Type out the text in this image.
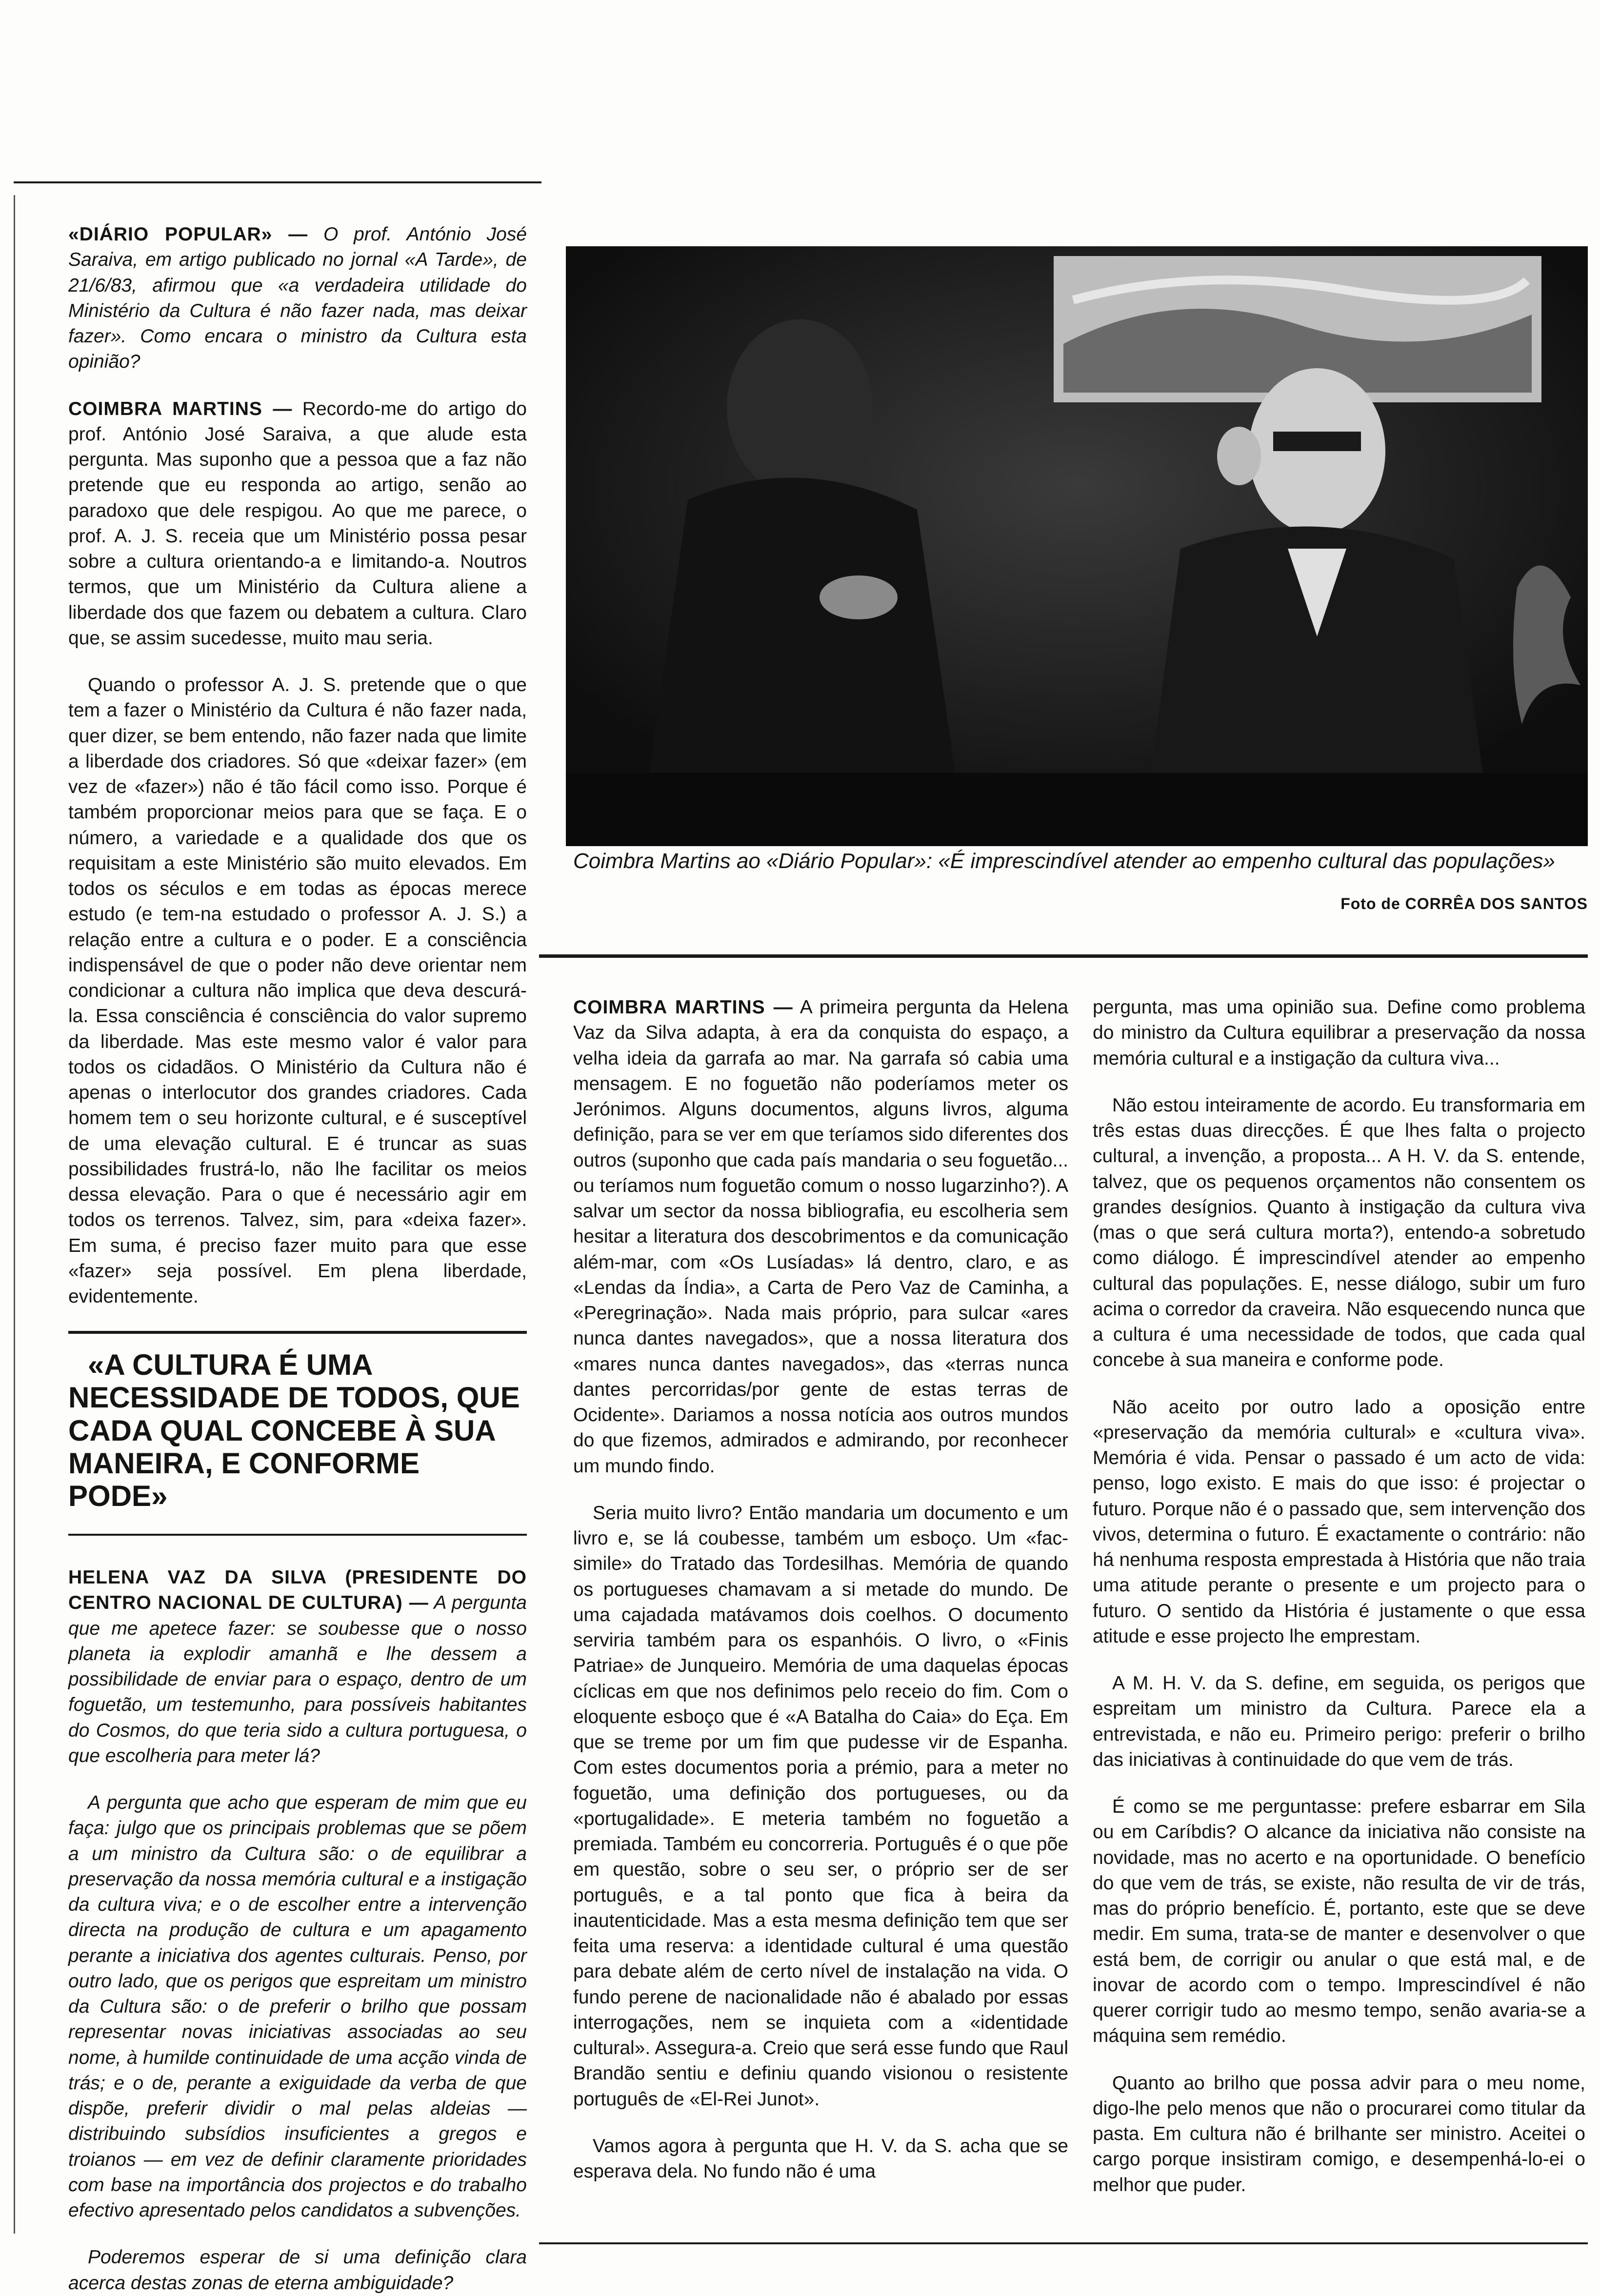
«DIÁRIO POPULAR» — O prof. António José Saraiva, em artigo publicado no jornal «A Tarde», de 21/6/83, afirmou que «a verdadeira utilidade do Ministério da Cultura é não fazer nada, mas deixar fazer». Como encara o ministro da Cultura esta opinião?

COIMBRA MARTINS — Recordo-me do artigo do prof. António José Saraiva, a que alude esta pergunta. Mas suponho que a pessoa que a faz não pretende que eu responda ao artigo, senão ao paradoxo que dele respigou. Ao que me parece, o prof. A. J. S. receia que um Ministério possa pesar sobre a cultura orientando-a e limitando-a. Noutros termos, que um Ministério da Cultura aliene a liberdade dos que fazem ou debatem a cultura. Claro que, se assim sucedesse, muito mau seria.

Quando o professor A. J. S. pretende que o que tem a fazer o Ministério da Cultura é não fazer nada, quer dizer, se bem entendo, não fazer nada que limite a liberdade dos criadores. Só que «deixar fazer» (em vez de «fazer») não é tão fácil como isso. Porque é também proporcionar meios para que se faça. E o número, a variedade e a qualidade dos que os requisitam a este Ministério são muito elevados. Em todos os séculos e em todas as épocas merece estudo (e tem-na estudado o professor A. J. S.) a relação entre a cultura e o poder. E a consciência indispensável de que o poder não deve orientar nem condicionar a cultura não implica que deva descurá-la. Essa consciência é consciência do valor supremo da liberdade. Mas este mesmo valor é valor para todos os cidadãos. O Ministério da Cultura não é apenas o interlocutor dos grandes criadores. Cada homem tem o seu horizonte cultural, e é susceptível de uma elevação cultural. E é truncar as suas possibilidades frustrá-lo, não lhe facilitar os meios dessa elevação. Para o que é necessário agir em todos os terrenos. Talvez, sim, para «deixa fazer». Em suma, é preciso fazer muito para que esse «fazer» seja possível. Em plena liberdade, evidentemente.

«A CULTURA É UMA NECESSIDADE DE TODOS, QUE CADA QUAL CONCEBE À SUA MANEIRA, E CONFORME PODE»

HELENA VAZ DA SILVA (PRESIDENTE DO CENTRO NACIONAL DE CULTURA) — A pergunta que me apetece fazer: se soubesse que o nosso planeta ia explodir amanhã e lhe dessem a possibilidade de enviar para o espaço, dentro de um foguetão, um testemunho, para possíveis habitantes do Cosmos, do que teria sido a cultura portuguesa, o que escolheria para meter lá?

A pergunta que acho que esperam de mim que eu faça: julgo que os principais problemas que se põem a um ministro da Cultura são: o de equilibrar a preservação da nossa memória cultural e a instigação da cultura viva; e o de escolher entre a intervenção directa na produção de cultura e um apagamento perante a iniciativa dos agentes culturais. Penso, por outro lado, que os perigos que espreitam um ministro da Cultura são: o de preferir o brilho que possam representar novas iniciativas associadas ao seu nome, à humilde continuidade de uma acção vinda de trás; e o de, perante a exiguidade da verba de que dispõe, preferir dividir o mal pelas aldeias — distribuindo subsídios insuficientes a gregos e troianos — em vez de definir claramente prioridades com base na importância dos projectos e do trabalho efectivo apresentado pelos candidatos a subvenções.

Poderemos esperar de si uma definição clara acerca destas zonas de eterna ambiguidade?

Coimbra Martins ao «Diário Popular»: «É imprescindível atender ao empenho cultural das populações»
Foto de CORRÊA DOS SANTOS

COIMBRA MARTINS — A primeira pergunta da Helena Vaz da Silva adapta, à era da conquista do espaço, a velha ideia da garrafa ao mar. Na garrafa só cabia uma mensagem. E no foguetão não poderíamos meter os Jerónimos. Alguns documentos, alguns livros, alguma definição, para se ver em que teríamos sido diferentes dos outros (suponho que cada país mandaria o seu foguetão... ou teríamos num foguetão comum o nosso lugarzinho?). A salvar um sector da nossa bibliografia, eu escolheria sem hesitar a literatura dos descobrimentos e da comunicação além-mar, com «Os Lusíadas» lá dentro, claro, e as «Lendas da Índia», a Carta de Pero Vaz de Caminha, a «Peregrinação». Nada mais próprio, para sulcar «ares nunca dantes navegados», que a nossa literatura dos «mares nunca dantes navegados», das «terras nunca dantes percorridas/por gente de estas terras de Ocidente». Dariamos a nossa notícia aos outros mundos do que fizemos, admirados e admirando, por reconhecer um mundo findo.

Seria muito livro? Então mandaria um documento e um livro e, se lá coubesse, também um esboço. Um «fac-simile» do Tratado das Tordesilhas. Memória de quando os portugueses chamavam a si metade do mundo. De uma cajadada matávamos dois coelhos. O documento serviria também para os espanhóis. O livro, o «Finis Patriae» de Junqueiro. Memória de uma daquelas épocas cíclicas em que nos definimos pelo receio do fim. Com o eloquente esboço que é «A Batalha do Caia» do Eça. Em que se treme por um fim que pudesse vir de Espanha. Com estes documentos poria a prémio, para a meter no foguetão, uma definição dos portugueses, ou da «portugalidade». E meteria também no foguetão a premiada. Também eu concorreria. Português é o que põe em questão, sobre o seu ser, o próprio ser de ser português, e a tal ponto que fica à beira da inautenticidade. Mas a esta mesma definição tem que ser feita uma reserva: a identidade cultural é uma questão para debate além de certo nível de instalação na vida. O fundo perene de nacionalidade não é abalado por essas interrogações, nem se inquieta com a «identidade cultural». Assegura-a. Creio que será esse fundo que Raul Brandão sentiu e definiu quando visionou o resistente português de «El-Rei Junot».

Vamos agora à pergunta que H. V. da S. acha que se esperava dela. No fundo não é uma

pergunta, mas uma opinião sua. Define como problema do ministro da Cultura equilibrar a preservação da nossa memória cultural e a instigação da cultura viva...

Não estou inteiramente de acordo. Eu transformaria em três estas duas direcções. É que lhes falta o projecto cultural, a invenção, a proposta... A H. V. da S. entende, talvez, que os pequenos orçamentos não consentem os grandes desígnios. Quanto à instigação da cultura viva (mas o que será cultura morta?), entendo-a sobretudo como diálogo. É imprescindível atender ao empenho cultural das populações. E, nesse diálogo, subir um furo acima o corredor da craveira. Não esquecendo nunca que a cultura é uma necessidade de todos, que cada qual concebe à sua maneira e conforme pode.

Não aceito por outro lado a oposição entre «preservação da memória cultural» e «cultura viva». Memória é vida. Pensar o passado é um acto de vida: penso, logo existo. E mais do que isso: é projectar o futuro. Porque não é o passado que, sem intervenção dos vivos, determina o futuro. É exactamente o contrário: não há nenhuma resposta emprestada à História que não traia uma atitude perante o presente e um projecto para o futuro. O sentido da História é justamente o que essa atitude e esse projecto lhe emprestam.

A M. H. V. da S. define, em seguida, os perigos que espreitam um ministro da Cultura. Parece ela a entrevistada, e não eu. Primeiro perigo: preferir o brilho das iniciativas à continuidade do que vem de trás.

É como se me perguntasse: prefere esbarrar em Sila ou em Caríbdis? O alcance da iniciativa não consiste na novidade, mas no acerto e na oportunidade. O benefício do que vem de trás, se existe, não resulta de vir de trás, mas do próprio benefício. É, portanto, este que se deve medir. Em suma, trata-se de manter e desenvolver o que está bem, de corrigir ou anular o que está mal, e de inovar de acordo com o tempo. Imprescindível é não querer corrigir tudo ao mesmo tempo, senão avaria-se a máquina sem remédio.

Quanto ao brilho que possa advir para o meu nome, digo-lhe pelo menos que não o procurarei como titular da pasta. Em cultura não é brilhante ser ministro. Aceitei o cargo porque insistiram comigo, e desempenhá-lo-ei o melhor que puder.
